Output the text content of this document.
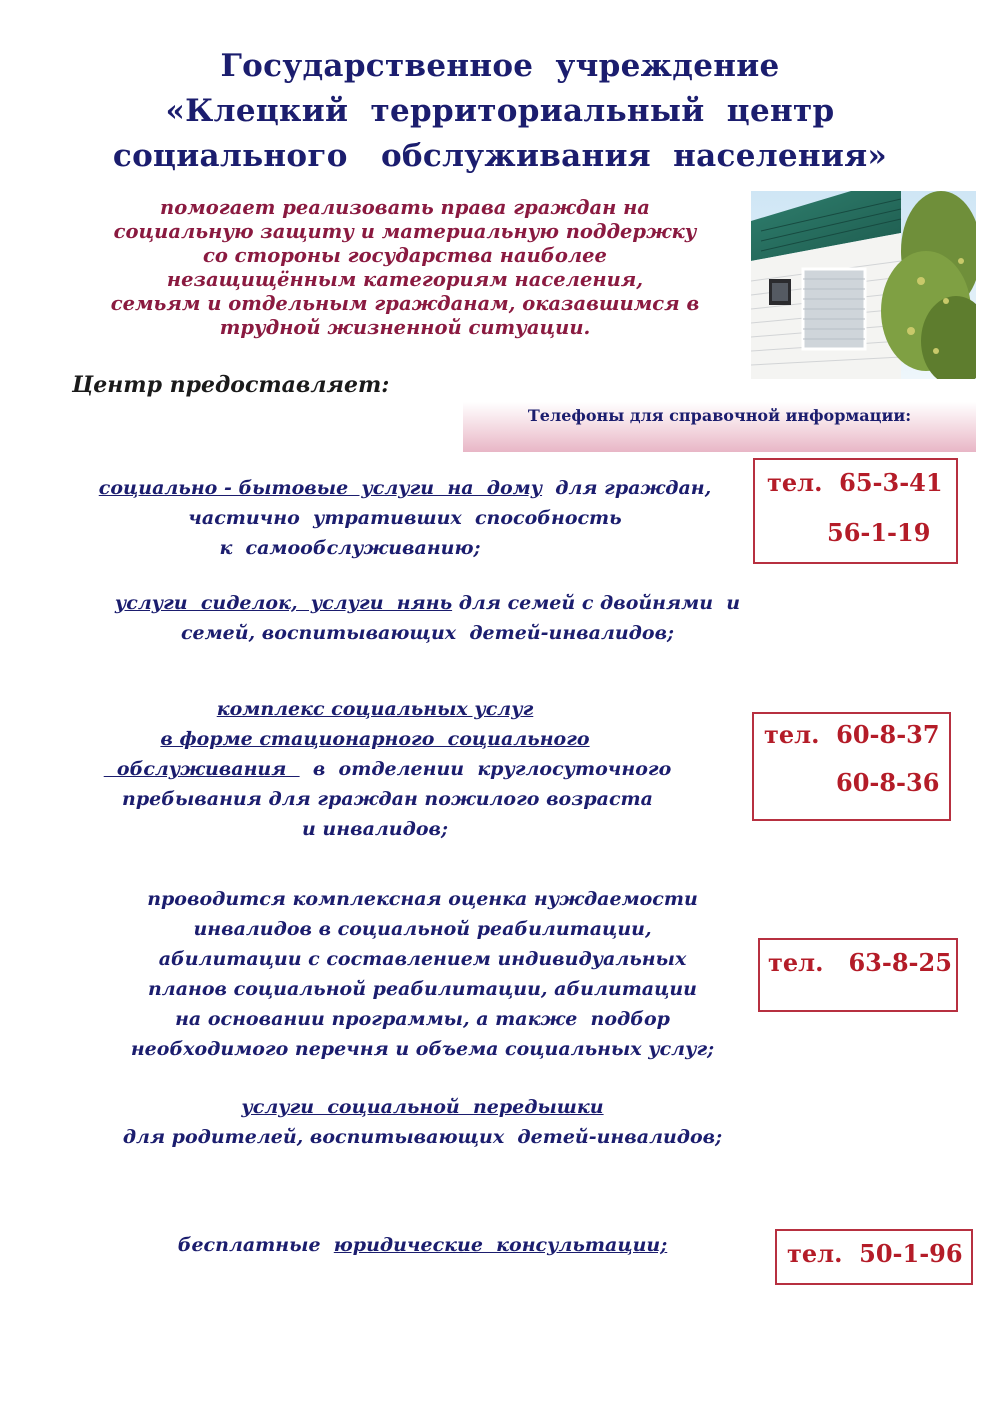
Государственное  учреждение
«Клецкий  территориальный  центр
социального   обслуживания  населения»
помогает реализовать права граждан на
социальную защиту и материальную поддержку
со стороны государства наиболее
незащищённым категориям населения,
семьям и отдельным гражданам, оказавшимся в
трудной жизненной ситуации.
Центр предоставляет:
Телефоны для справочной информации:
социально - бытовые  услуги  на  дому  для граждан,
частично  утративших  способность
к  самообслуживанию;
тел.  65-3-41
56-1-19
услуги  сиделок,  услуги  нянь для семей с двойнями  и
семей, воспитывающих  детей-инвалидов;
комплекс социальных услуг
в форме стационарного  социального
обслуживания    в  отделении  круглосуточного
пребывания для граждан пожилого возраста
и инвалидов;
тел.  60-8-37
60-8-36
проводится комплексная оценка нуждаемости
инвалидов в социальной реабилитации,
абилитации с составлением индивидуальных
планов социальной реабилитации, абилитации
на основании программы, а также  подбор
необходимого перечня и объема социальных услуг;
тел.   63-8-25
услуги  социальной  передышки
для родителей, воспитывающих  детей-инвалидов;
бесплатные  юридические  консультации;	тел.  50-1-96
